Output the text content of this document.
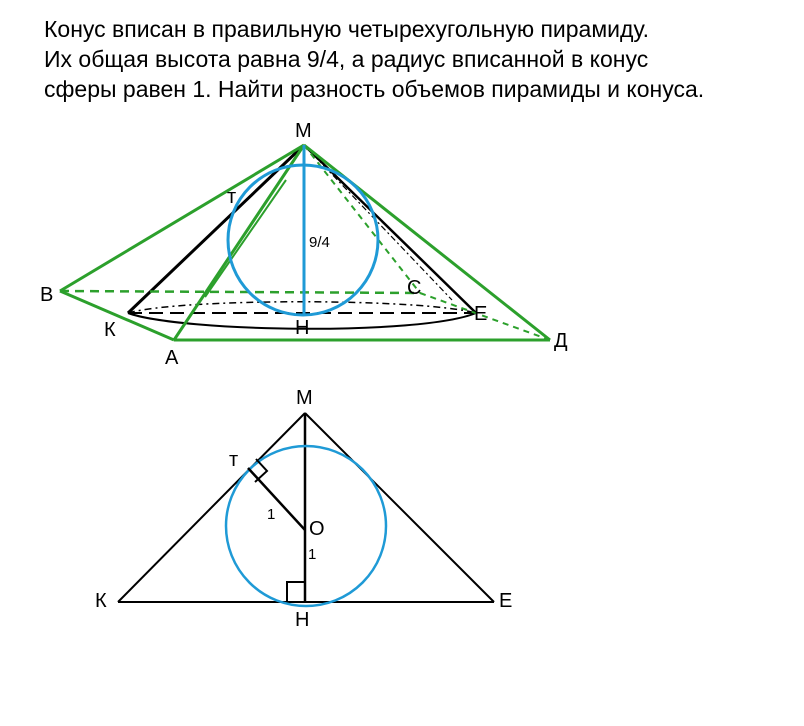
Конус вписан в правильную четырехугольную пирамиду.
Их общая высота равна 9/4, а радиус вписанной в конус
сферы равен 1. Найти разность объемов пирамиды и конуса.
М
т
В
К
А
Н
С
Е
Д
9/4
М
т
О
К
Н
Е
1
1
